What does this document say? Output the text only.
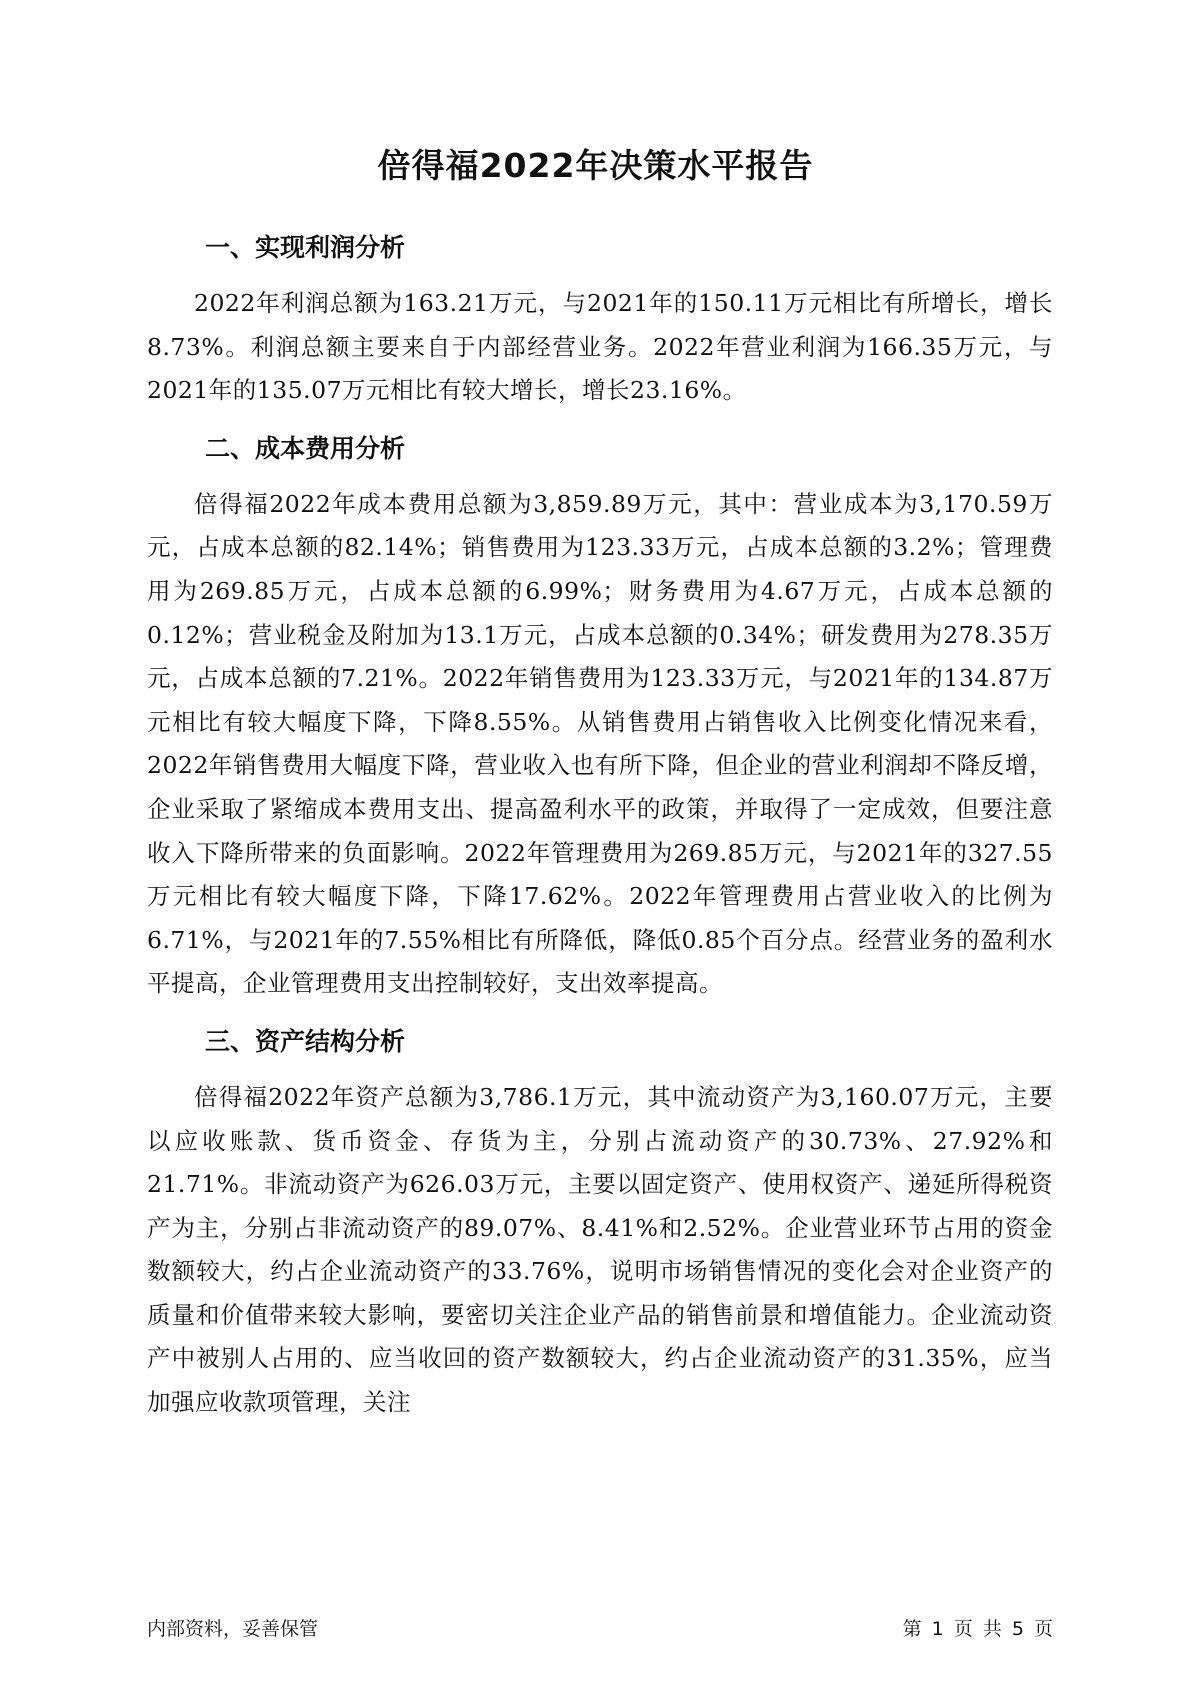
倍得福2022年决策水平报告
一、实现利润分析

2022年利润总额为163.21万元，与2021年的150.11万元相比有所增长，增长8.73%。利润总额主要来自于内部经营业务。2022年营业利润为166.35万元，与2021年的135.07万元相比有较大增长，增长23.16%。

二、成本费用分析

倍得福2022年成本费用总额为3,859.89万元，其中：营业成本为3,170.59万元，占成本总额的82.14%；销售费用为123.33万元，占成本总额的3.2%；管理费用为269.85万元，占成本总额的6.99%；财务费用为4.67万元，占成本总额的0.12%；营业税金及附加为13.1万元，占成本总额的0.34%；研发费用为278.35万元，占成本总额的7.21%。2022年销售费用为123.33万元，与2021年的134.87万元相比有较大幅度下降，下降8.55%。从销售费用占销售收入比例变化情况来看，2022年销售费用大幅度下降，营业收入也有所下降，但企业的营业利润却不降反增，企业采取了紧缩成本费用支出、提高盈利水平的政策，并取得了一定成效，但要注意收入下降所带来的负面影响。2022年管理费用为269.85万元，与2021年的327.55万元相比有较大幅度下降，下降17.62%。2022年管理费用占营业收入的比例为6.71%，与2021年的7.55%相比有所降低，降低0.85个百分点。经营业务的盈利水平提高，企业管理费用支出控制较好，支出效率提高。

三、资产结构分析

倍得福2022年资产总额为3,786.1万元，其中流动资产为3,160.07万元，主要以应收账款、货币资金、存货为主，分别占流动资产的30.73%、27.92%和21.71%。非流动资产为626.03万元，主要以固定资产、使用权资产、递延所得税资产为主，分别占非流动资产的89.07%、8.41%和2.52%。企业营业环节占用的资金数额较大，约占企业流动资产的33.76%，说明市场销售情况的变化会对企业资产的质量和价值带来较大影响，要密切关注企业产品的销售前景和增值能力。企业流动资产中被别人占用的、应当收回的资产数额较大，约占企业流动资产的31.35%，应当加强应收款项管理，关注

内部资料，妥善保管	第 1 页 共 5 页
